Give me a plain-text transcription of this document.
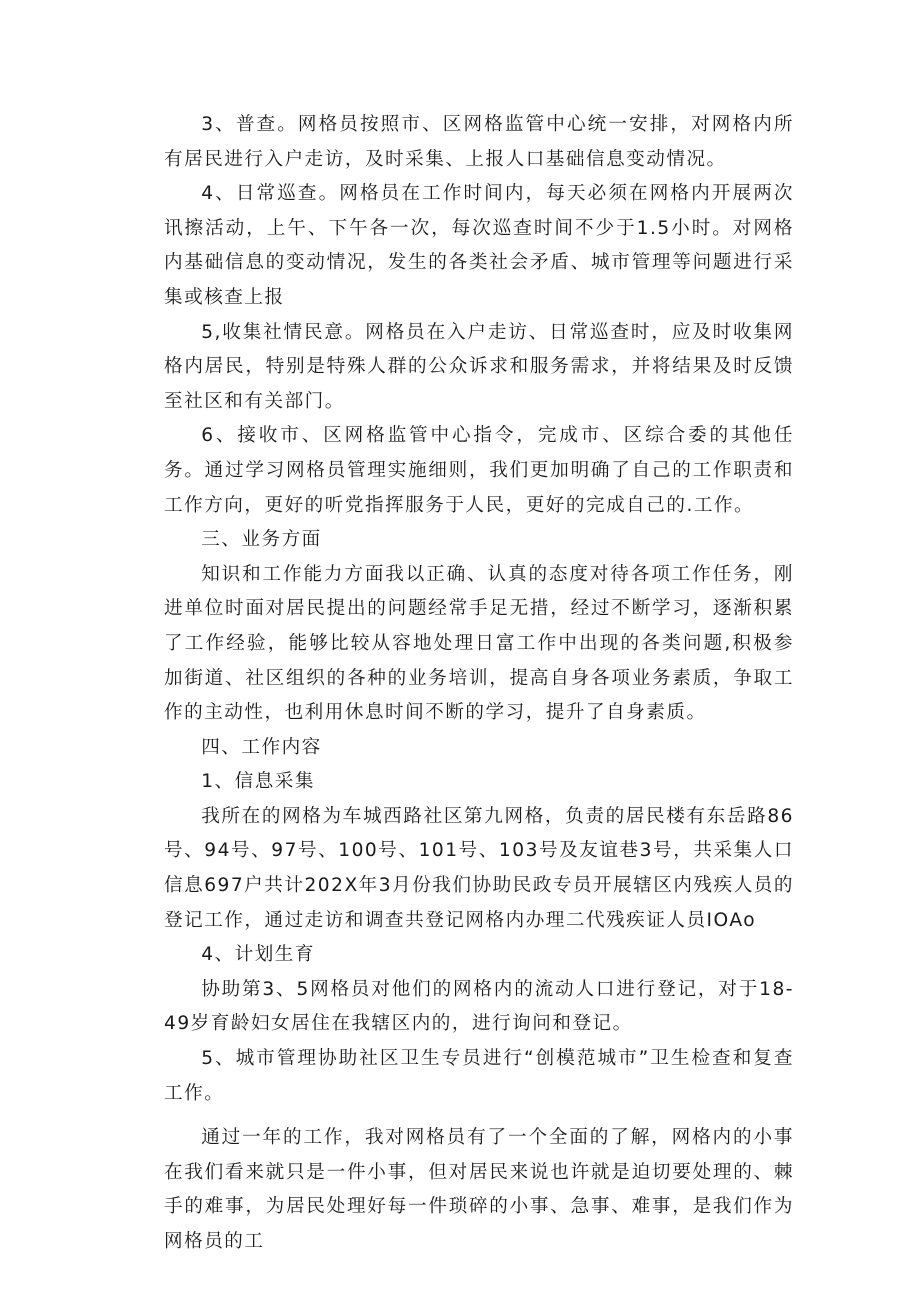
3、普查。网格员按照市、区网格监管中心统一安排，对网格内所有居民进行入户走访，及时采集、上报人口基础信息变动情况。

4、日常巡查。网格员在工作时间内，每天必须在网格内开展两次讯擦活动，上午、下午各一次，每次巡查时间不少于1.5小时。对网格内基础信息的变动情况，发生的各类社会矛盾、城市管理等问题进行采集或核查上报

5,收集社情民意。网格员在入户走访、日常巡查时，应及时收集网格内居民，特别是特殊人群的公众诉求和服务需求，并将结果及时反馈至社区和有关部门。

6、接收市、区网格监管中心指令，完成市、区综合委的其他任务。通过学习网格员管理实施细则，我们更加明确了自己的工作职责和工作方向，更好的听党指挥服务于人民，更好的完成自己的.工作。

三、业务方面

知识和工作能力方面我以正确、认真的态度对待各项工作任务，刚进单位时面对居民提出的问题经常手足无措，经过不断学习，逐渐积累了工作经验，能够比较从容地处理日富工作中出现的各类问题,积极参加街道、社区组织的各种的业务培训，提高自身各项业务素质，争取工作的主动性，也利用休息时间不断的学习，提升了自身素质。

四、工作内容

1、信息采集

我所在的网格为车城西路社区第九网格，负责的居民楼有东岳路86号、94号、97号、100号、101号、103号及友谊巷3号，共采集人口信息697户共计202X年3月份我们协助民政专员开展辖区内残疾人员的登记工作，通过走访和调查共登记网格内办理二代残疾证人员IOAo

4、计划生育

协助第3、5网格员对他们的网格内的流动人口进行登记，对于18-49岁育龄妇女居住在我辖区内的，进行询问和登记。

5、城市管理协助社区卫生专员进行“创模范城市”卫生检查和复查工作。

通过一年的工作，我对网格员有了一个全面的了解，网格内的小事在我们看来就只是一件小事，但对居民来说也许就是迫切要处理的、棘手的难事，为居民处理好每一件琐碎的小事、急事、难事，是我们作为网格员的工
